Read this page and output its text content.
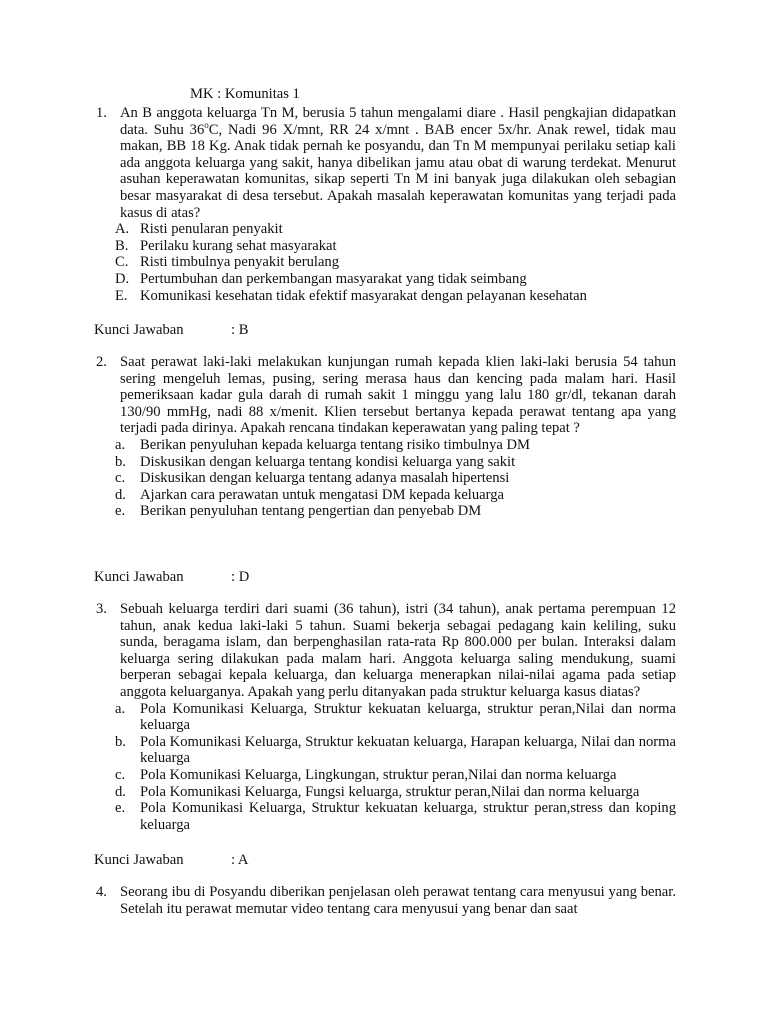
MK : Komunitas 1
1. An B anggota keluarga Tn M, berusia 5 tahun mengalami diare . Hasil pengkajian didapatkan data. Suhu 36$^o$C, Nadi 96 X/mnt, RR 24 x/mnt . BAB encer 5x/hr. Anak rewel, tidak mau makan, BB 18 Kg. Anak tidak pernah ke posyandu, dan Tn M mempunyai perilaku setiap kali ada anggota keluarga yang sakit, hanya dibelikan jamu atau obat di warung terdekat. Menurut asuhan keperawatan komunitas, sikap seperti Tn M ini banyak juga dilakukan oleh sebagian besar masyarakat di desa tersebut. Apakah masalah keperawatan komunitas yang terjadi pada kasus di atas?
A. Risti penularan penyakit
B. Perilaku kurang sehat masyarakat
C. Risti timbulnya penyakit berulang
D. Pertumbuhan dan perkembangan masyarakat yang tidak seimbang
E. Komunikasi kesehatan tidak efektif masyarakat dengan pelayanan kesehatan
Kunci Jawaban	: B
2. Saat perawat laki-laki melakukan kunjungan rumah kepada klien laki-laki berusia 54 tahun sering mengeluh lemas, pusing, sering merasa haus dan kencing pada malam hari. Hasil pemeriksaan kadar gula darah di rumah sakit 1 minggu yang lalu 180 gr/dl, tekanan darah 130/90 mmHg, nadi 88 x/menit. Klien tersebut bertanya kepada perawat tentang apa yang terjadi pada dirinya. Apakah rencana tindakan keperawatan yang paling tepat ?
a.	Berikan penyuluhan kepada keluarga tentang risiko timbulnya DM
b. Diskusikan dengan keluarga tentang kondisi keluarga yang sakit
c.	Diskusikan dengan keluarga tentang adanya masalah hipertensi
d. Ajarkan cara perawatan untuk mengatasi DM kepada keluarga
e.	Berikan penyuluhan tentang pengertian dan penyebab DM
Kunci Jawaban	: D
3. Sebuah keluarga terdiri dari suami (36 tahun), istri (34 tahun), anak pertama perempuan 12 tahun, anak kedua laki-laki 5 tahun. Suami bekerja sebagai pedagang kain keliling, suku sunda, beragama islam, dan berpenghasilan rata-rata Rp 800.000 per bulan. Interaksi dalam keluarga sering dilakukan pada malam hari. Anggota keluarga saling mendukung, suami berperan sebagai kepala keluarga, dan keluarga menerapkan nilai-nilai agama pada setiap anggota keluarganya. Apakah yang perlu ditanyakan pada struktur keluarga kasus diatas?
a.	Pola Komunikasi Keluarga, Struktur kekuatan keluarga, struktur peran,Nilai dan norma keluarga
b. Pola Komunikasi Keluarga, Struktur kekuatan keluarga, Harapan keluarga, Nilai dan norma keluarga
c.	Pola Komunikasi Keluarga, Lingkungan, struktur peran,Nilai dan norma keluarga
d. Pola Komunikasi Keluarga, Fungsi keluarga, struktur peran,Nilai dan norma keluarga
e.	Pola Komunikasi Keluarga, Struktur kekuatan keluarga, struktur peran,stress dan koping keluarga
Kunci Jawaban	: A
4. Seorang ibu di Posyandu diberikan penjelasan oleh perawat tentang cara menyusui yang benar. Setelah itu perawat memutar video tentang cara menyusui yang benar dan saat
